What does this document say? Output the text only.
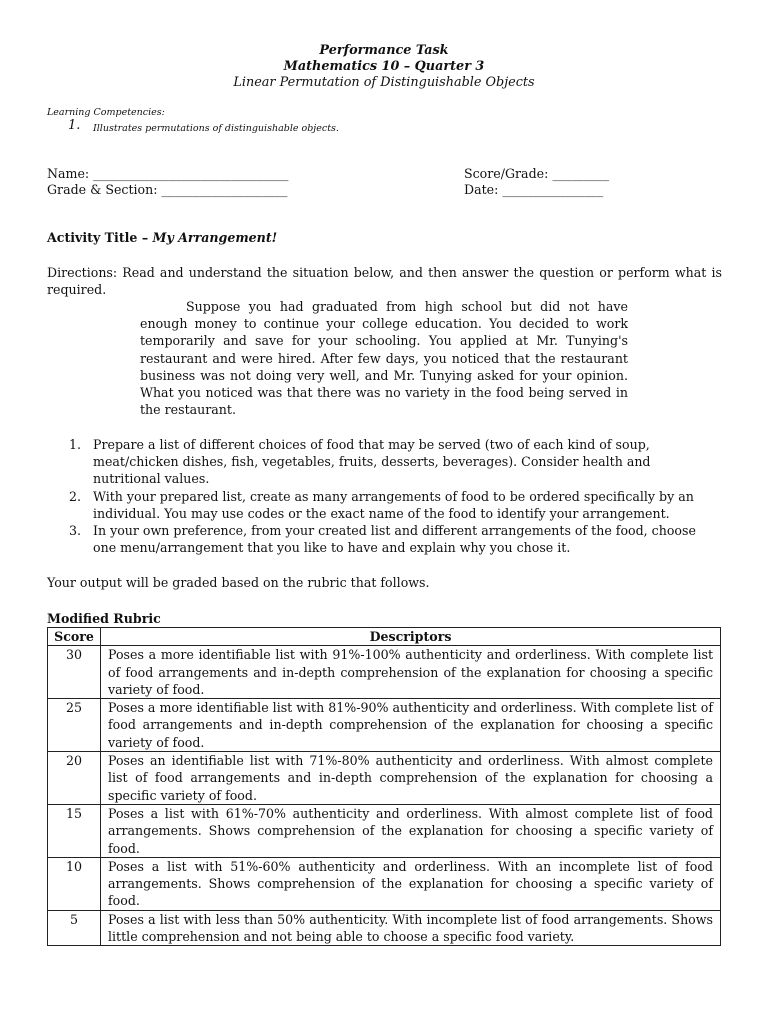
Performance Task
Mathematics 10 – Quarter 3
Linear Permutation of Distinguishable Objects
Learning Competencies:
1. Illustrates permutations of distinguishable objects.
Name: _______________________________
Grade & Section: ____________________
Score/Grade: _________
Date: ________________
Activity Title – My Arrangement!
Directions: Read and understand the situation below, and then answer the question or perform what is required.
Suppose you had graduated from high school but did not have enough money to continue your college education. You decided to work temporarily and save for your schooling. You applied at Mr. Tunying's restaurant and were hired. After few days, you noticed that the restaurant business was not doing very well, and Mr. Tunying asked for your opinion. What you noticed was that there was no variety in the food being served in the restaurant.
1. Prepare a list of different choices of food that may be served (two of each kind of soup, meat/chicken dishes, fish, vegetables, fruits, desserts, beverages). Consider health and nutritional values.
2. With your prepared list, create as many arrangements of food to be ordered specifically by an individual. You may use codes or the exact name of the food to identify your arrangement.
3. In your own preference, from your created list and different arrangements of the food, choose one menu/arrangement that you like to have and explain why you chose it.
Your output will be graded based on the rubric that follows.
Modified Rubric
Score	Descriptors
30	Poses a more identifiable list with 91%-100% authenticity and orderliness. With complete list of food arrangements and in-depth comprehension of the explanation for choosing a specific variety of food.
25	Poses a more identifiable list with 81%-90% authenticity and orderliness. With complete list of food arrangements and in-depth comprehension of the explanation for choosing a specific variety of food.
20	Poses an identifiable list with 71%-80% authenticity and orderliness. With almost complete list of food arrangements and in-depth comprehension of the explanation for choosing a specific variety of food.
15	Poses a list with 61%-70% authenticity and orderliness. With almost complete list of food arrangements. Shows comprehension of the explanation for choosing a specific variety of food.
10	Poses a list with 51%-60% authenticity and orderliness. With an incomplete list of food arrangements. Shows comprehension of the explanation for choosing a specific variety of food.
5	Poses a list with less than 50% authenticity. With incomplete list of food arrangements. Shows little comprehension and not being able to choose a specific food variety.
